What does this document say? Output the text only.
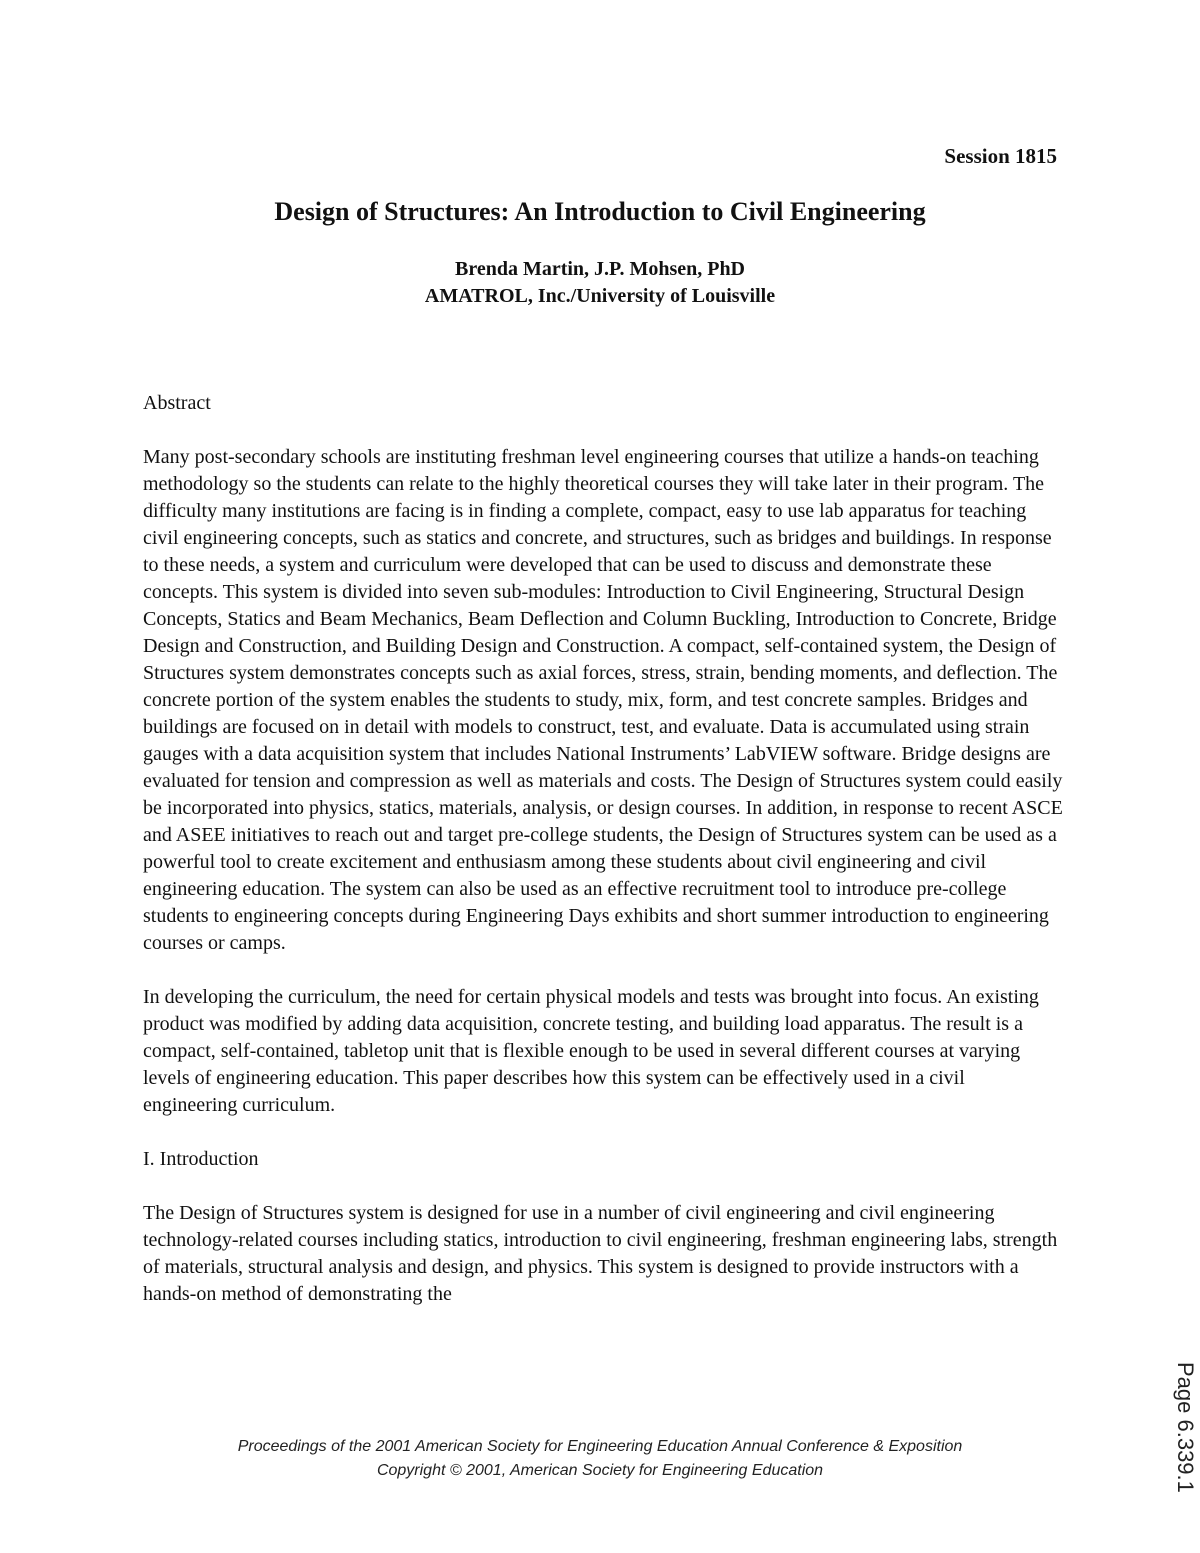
Session 1815
Design of Structures: An Introduction to Civil Engineering
Brenda Martin, J.P. Mohsen, PhD
AMATROL, Inc./University of Louisville
Abstract

Many post-secondary schools are instituting freshman level engineering courses that utilize a hands-on teaching methodology so the students can relate to the highly theoretical courses they will take later in their program. The difficulty many institutions are facing is in finding a complete, compact, easy to use lab apparatus for teaching civil engineering concepts, such as statics and concrete, and structures, such as bridges and buildings. In response to these needs, a system and curriculum were developed that can be used to discuss and demonstrate these concepts. This system is divided into seven sub-modules: Introduction to Civil Engineering, Structural Design Concepts, Statics and Beam Mechanics, Beam Deflection and Column Buckling, Introduction to Concrete, Bridge Design and Construction, and Building Design and Construction. A compact, self-contained system, the Design of Structures system demonstrates concepts such as axial forces, stress, strain, bending moments, and deflection. The concrete portion of the system enables the students to study, mix, form, and test concrete samples. Bridges and buildings are focused on in detail with models to construct, test, and evaluate. Data is accumulated using strain gauges with a data acquisition system that includes National Instruments’ LabVIEW software. Bridge designs are evaluated for tension and compression as well as materials and costs. The Design of Structures system could easily be incorporated into physics, statics, materials, analysis, or design courses. In addition, in response to recent ASCE and ASEE initiatives to reach out and target pre-college students, the Design of Structures system can be used as a powerful tool to create excitement and enthusiasm among these students about civil engineering and civil engineering education. The system can also be used as an effective recruitment tool to introduce pre-college students to engineering concepts during Engineering Days exhibits and short summer introduction to engineering courses or camps.

In developing the curriculum, the need for certain physical models and tests was brought into focus. An existing product was modified by adding data acquisition, concrete testing, and building load apparatus. The result is a compact, self-contained, tabletop unit that is flexible enough to be used in several different courses at varying levels of engineering education. This paper describes how this system can be effectively used in a civil engineering curriculum.

I. Introduction

The Design of Structures system is designed for use in a number of civil engineering and civil engineering technology-related courses including statics, introduction to civil engineering, freshman engineering labs, strength of materials, structural analysis and design, and physics. This system is designed to provide instructors with a hands-on method of demonstrating the

Proceedings of the 2001 American Society for Engineering Education Annual Conference & Exposition
Copyright © 2001, American Society for Engineering Education	Page 6.339.1
